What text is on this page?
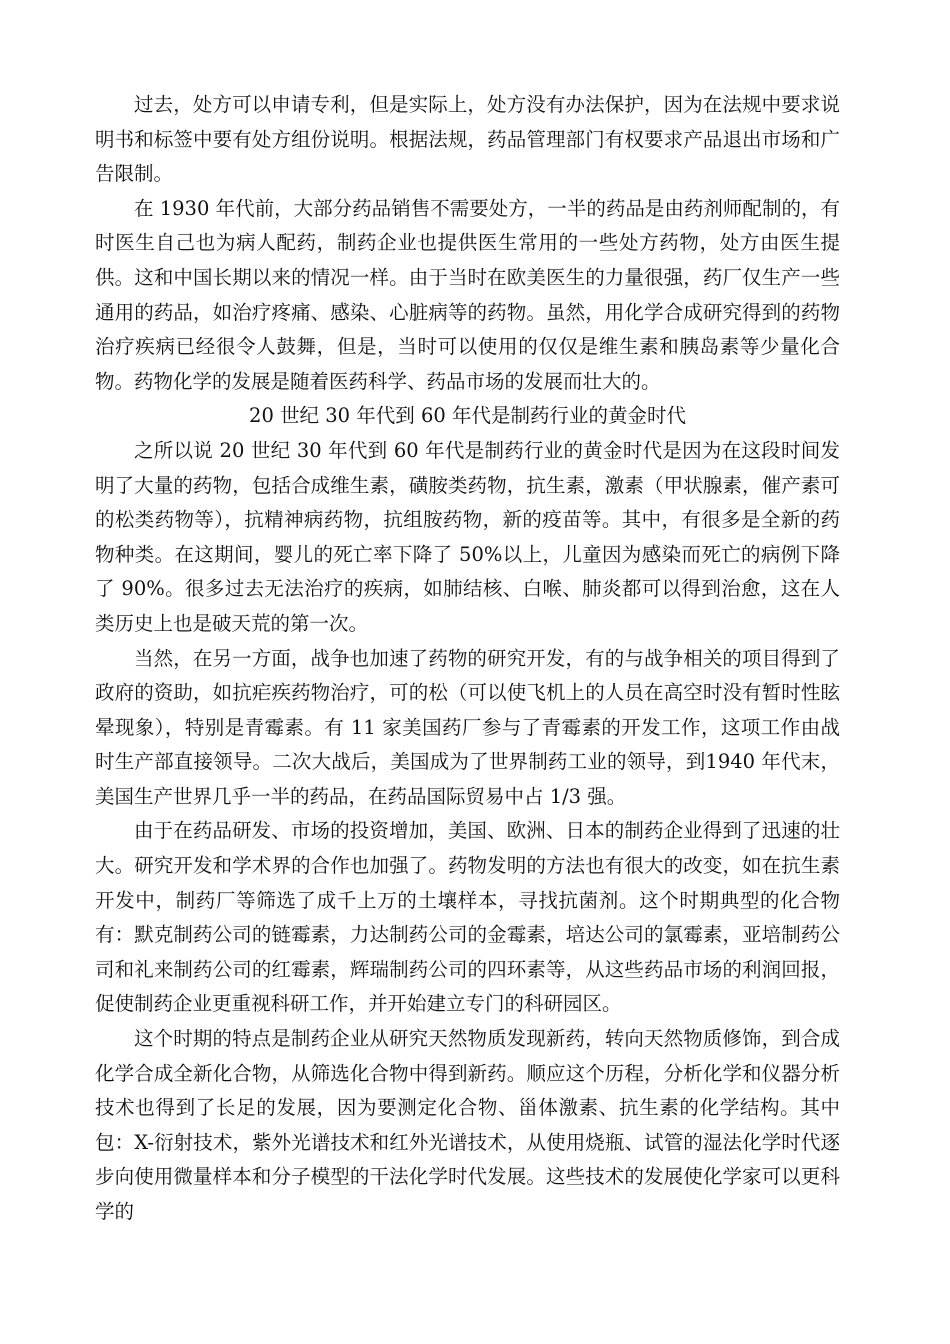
过去，处方可以申请专利，但是实际上，处方没有办法保护，因为在法规中要求说明书和标签中要有处方组份说明。根据法规，药品管理部门有权要求产品退出市场和广告限制。

在 1930 年代前，大部分药品销售不需要处方，一半的药品是由药剂师配制的，有时医生自己也为病人配药，制药企业也提供医生常用的一些处方药物，处方由医生提供。这和中国长期以来的情况一样。由于当时在欧美医生的力量很强，药厂仅生产一些通用的药品，如治疗疼痛、感染、心脏病等的药物。虽然，用化学合成研究得到的药物治疗疾病已经很令人鼓舞，但是，当时可以使用的仅仅是维生素和胰岛素等少量化合物。药物化学的发展是随着医药科学、药品市场的发展而壮大的。

20 世纪 30 年代到 60 年代是制药行业的黄金时代

之所以说 20 世纪 30 年代到 60 年代是制药行业的黄金时代是因为在这段时间发明了大量的药物，包括合成维生素，磺胺类药物，抗生素，激素（甲状腺素，催产素可的松类药物等），抗精神病药物，抗组胺药物，新的疫苗等。其中，有很多是全新的药物种类。在这期间，婴儿的死亡率下降了 50%以上，儿童因为感染而死亡的病例下降了 90%。很多过去无法治疗的疾病，如肺结核、白喉、肺炎都可以得到治愈，这在人类历史上也是破天荒的第一次。

当然，在另一方面，战争也加速了药物的研究开发，有的与战争相关的项目得到了政府的资助，如抗疟疾药物治疗，可的松（可以使飞机上的人员在高空时没有暂时性眩晕现象），特别是青霉素。有 11 家美国药厂参与了青霉素的开发工作，这项工作由战时生产部直接领导。二次大战后，美国成为了世界制药工业的领导，到1940 年代末，美国生产世界几乎一半的药品，在药品国际贸易中占 1/3 强。

由于在药品研发、市场的投资增加，美国、欧洲、日本的制药企业得到了迅速的壮大。研究开发和学术界的合作也加强了。药物发明的方法也有很大的改变，如在抗生素开发中，制药厂等筛选了成千上万的土壤样本，寻找抗菌剂。这个时期典型的化合物有：默克制药公司的链霉素，力达制药公司的金霉素，培达公司的氯霉素，亚培制药公司和礼来制药公司的红霉素，辉瑞制药公司的四环素等，从这些药品市场的利润回报，促使制药企业更重视科研工作，并开始建立专门的科研园区。

这个时期的特点是制药企业从研究天然物质发现新药，转向天然物质修饰，到合成化学合成全新化合物，从筛选化合物中得到新药。顺应这个历程，分析化学和仪器分析技术也得到了长足的发展，因为要测定化合物、甾体激素、抗生素的化学结构。其中包：X-衍射技术，紫外光谱技术和红外光谱技术，从使用烧瓶、试管的湿法化学时代逐步向使用微量样本和分子模型的干法化学时代发展。这些技术的发展使化学家可以更科学的
